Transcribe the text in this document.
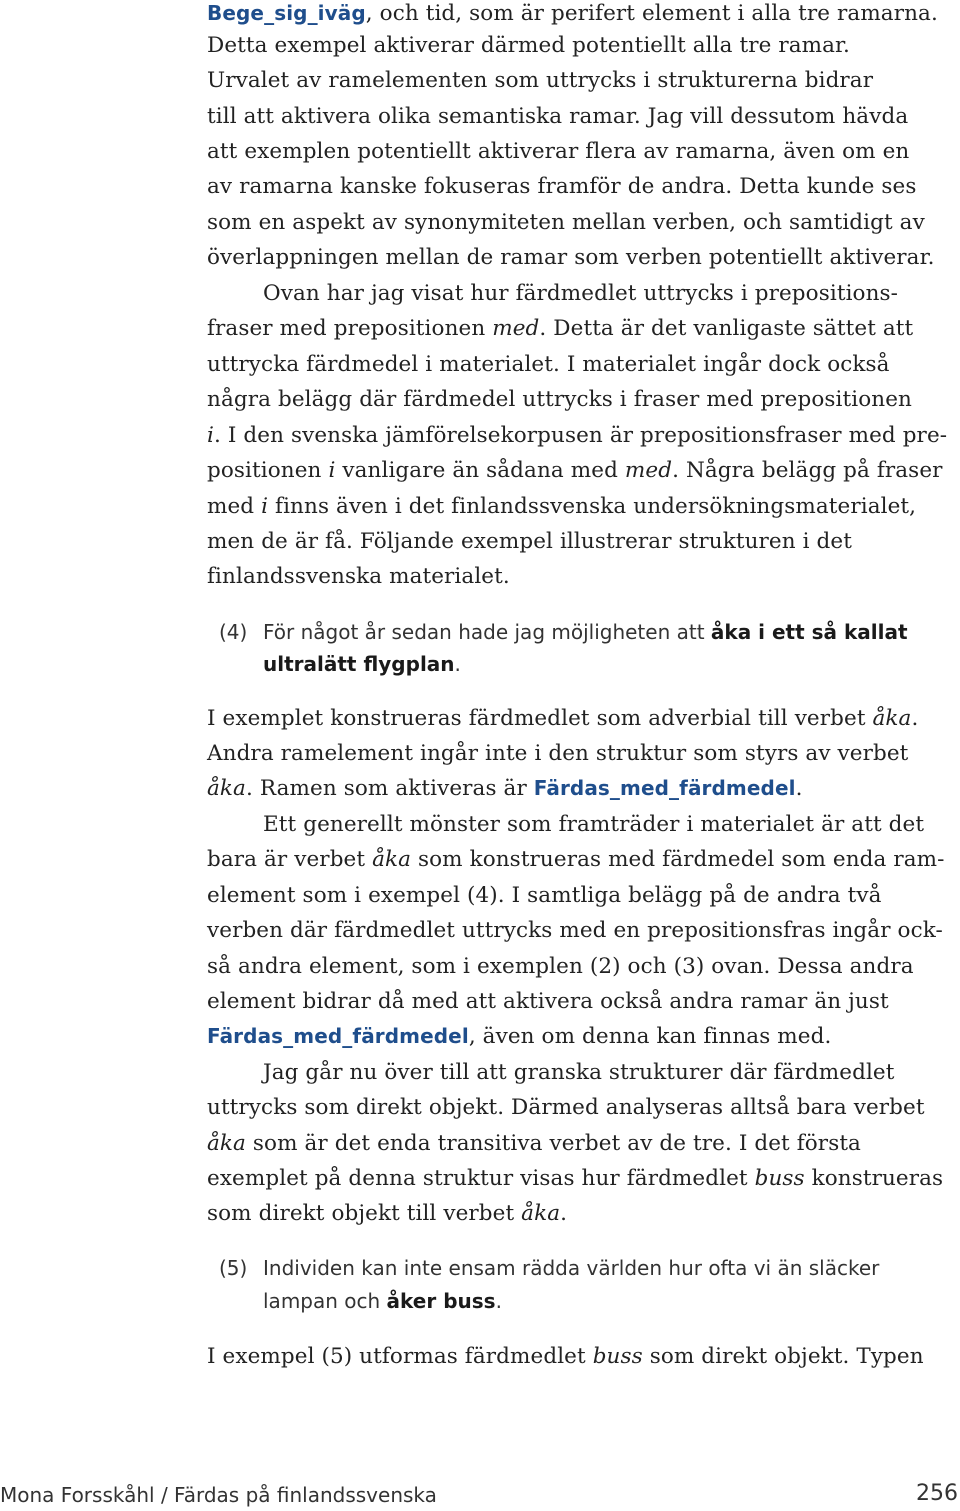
Bege_sig_iväg, och tid, som är perifert element i alla tre ramarna.

Detta exempel aktiverar därmed potentiellt alla tre ramar.

Urvalet av ramelementen som uttrycks i strukturerna bidrar

till att aktivera olika semantiska ramar. Jag vill dessutom hävda

att exemplen potentiellt aktiverar flera av ramarna, även om en

av ramarna kanske fokuseras framför de andra. Detta kunde ses

som en aspekt av synonymiteten mellan verben, och samtidigt av

överlappningen mellan de ramar som verben potentiellt aktiverar.

Ovan har jag visat hur färdmedlet uttrycks i prepositions-

fraser med prepositionen med. Detta är det vanligaste sättet att

uttrycka färdmedel i materialet. I materialet ingår dock också

några belägg där färdmedel uttrycks i fraser med prepositionen

i. I den svenska jämförelsekorpusen är prepositionsfraser med pre-

positionen i vanligare än sådana med med. Några belägg på fraser

med i finns även i det finlandssvenska undersökningsmaterialet,

men de är få. Följande exempel illustrerar strukturen i det

finlandssvenska materialet.

(4) För något år sedan hade jag möjligheten att åka i ett så kallat

ultralätt flygplan.

I exemplet konstrueras färdmedlet som adverbial till verbet åka.

Andra ramelement ingår inte i den struktur som styrs av verbet

åka. Ramen som aktiveras är Färdas_med_färdmedel.

Ett generellt mönster som framträder i materialet är att det

bara är verbet åka som konstrueras med färdmedel som enda ram-

element som i exempel (4). I samtliga belägg på de andra två

verben där färdmedlet uttrycks med en prepositionsfras ingår ock-

så andra element, som i exemplen (2) och (3) ovan. Dessa andra

element bidrar då med att aktivera också andra ramar än just

Färdas_med_färdmedel, även om denna kan finnas med.

Jag går nu över till att granska strukturer där färdmedlet

uttrycks som direkt objekt. Därmed analyseras alltså bara verbet

åka som är det enda transitiva verbet av de tre. I det första

exemplet på denna struktur visas hur färdmedlet buss konstrueras

som direkt objekt till verbet åka.

(5) Individen kan inte ensam rädda världen hur ofta vi än släcker

lampan och åker buss.

I exempel (5) utformas färdmedlet buss som direkt objekt. Typen

Mona Forsskåhl / Färdas på finlandssvenska	256
